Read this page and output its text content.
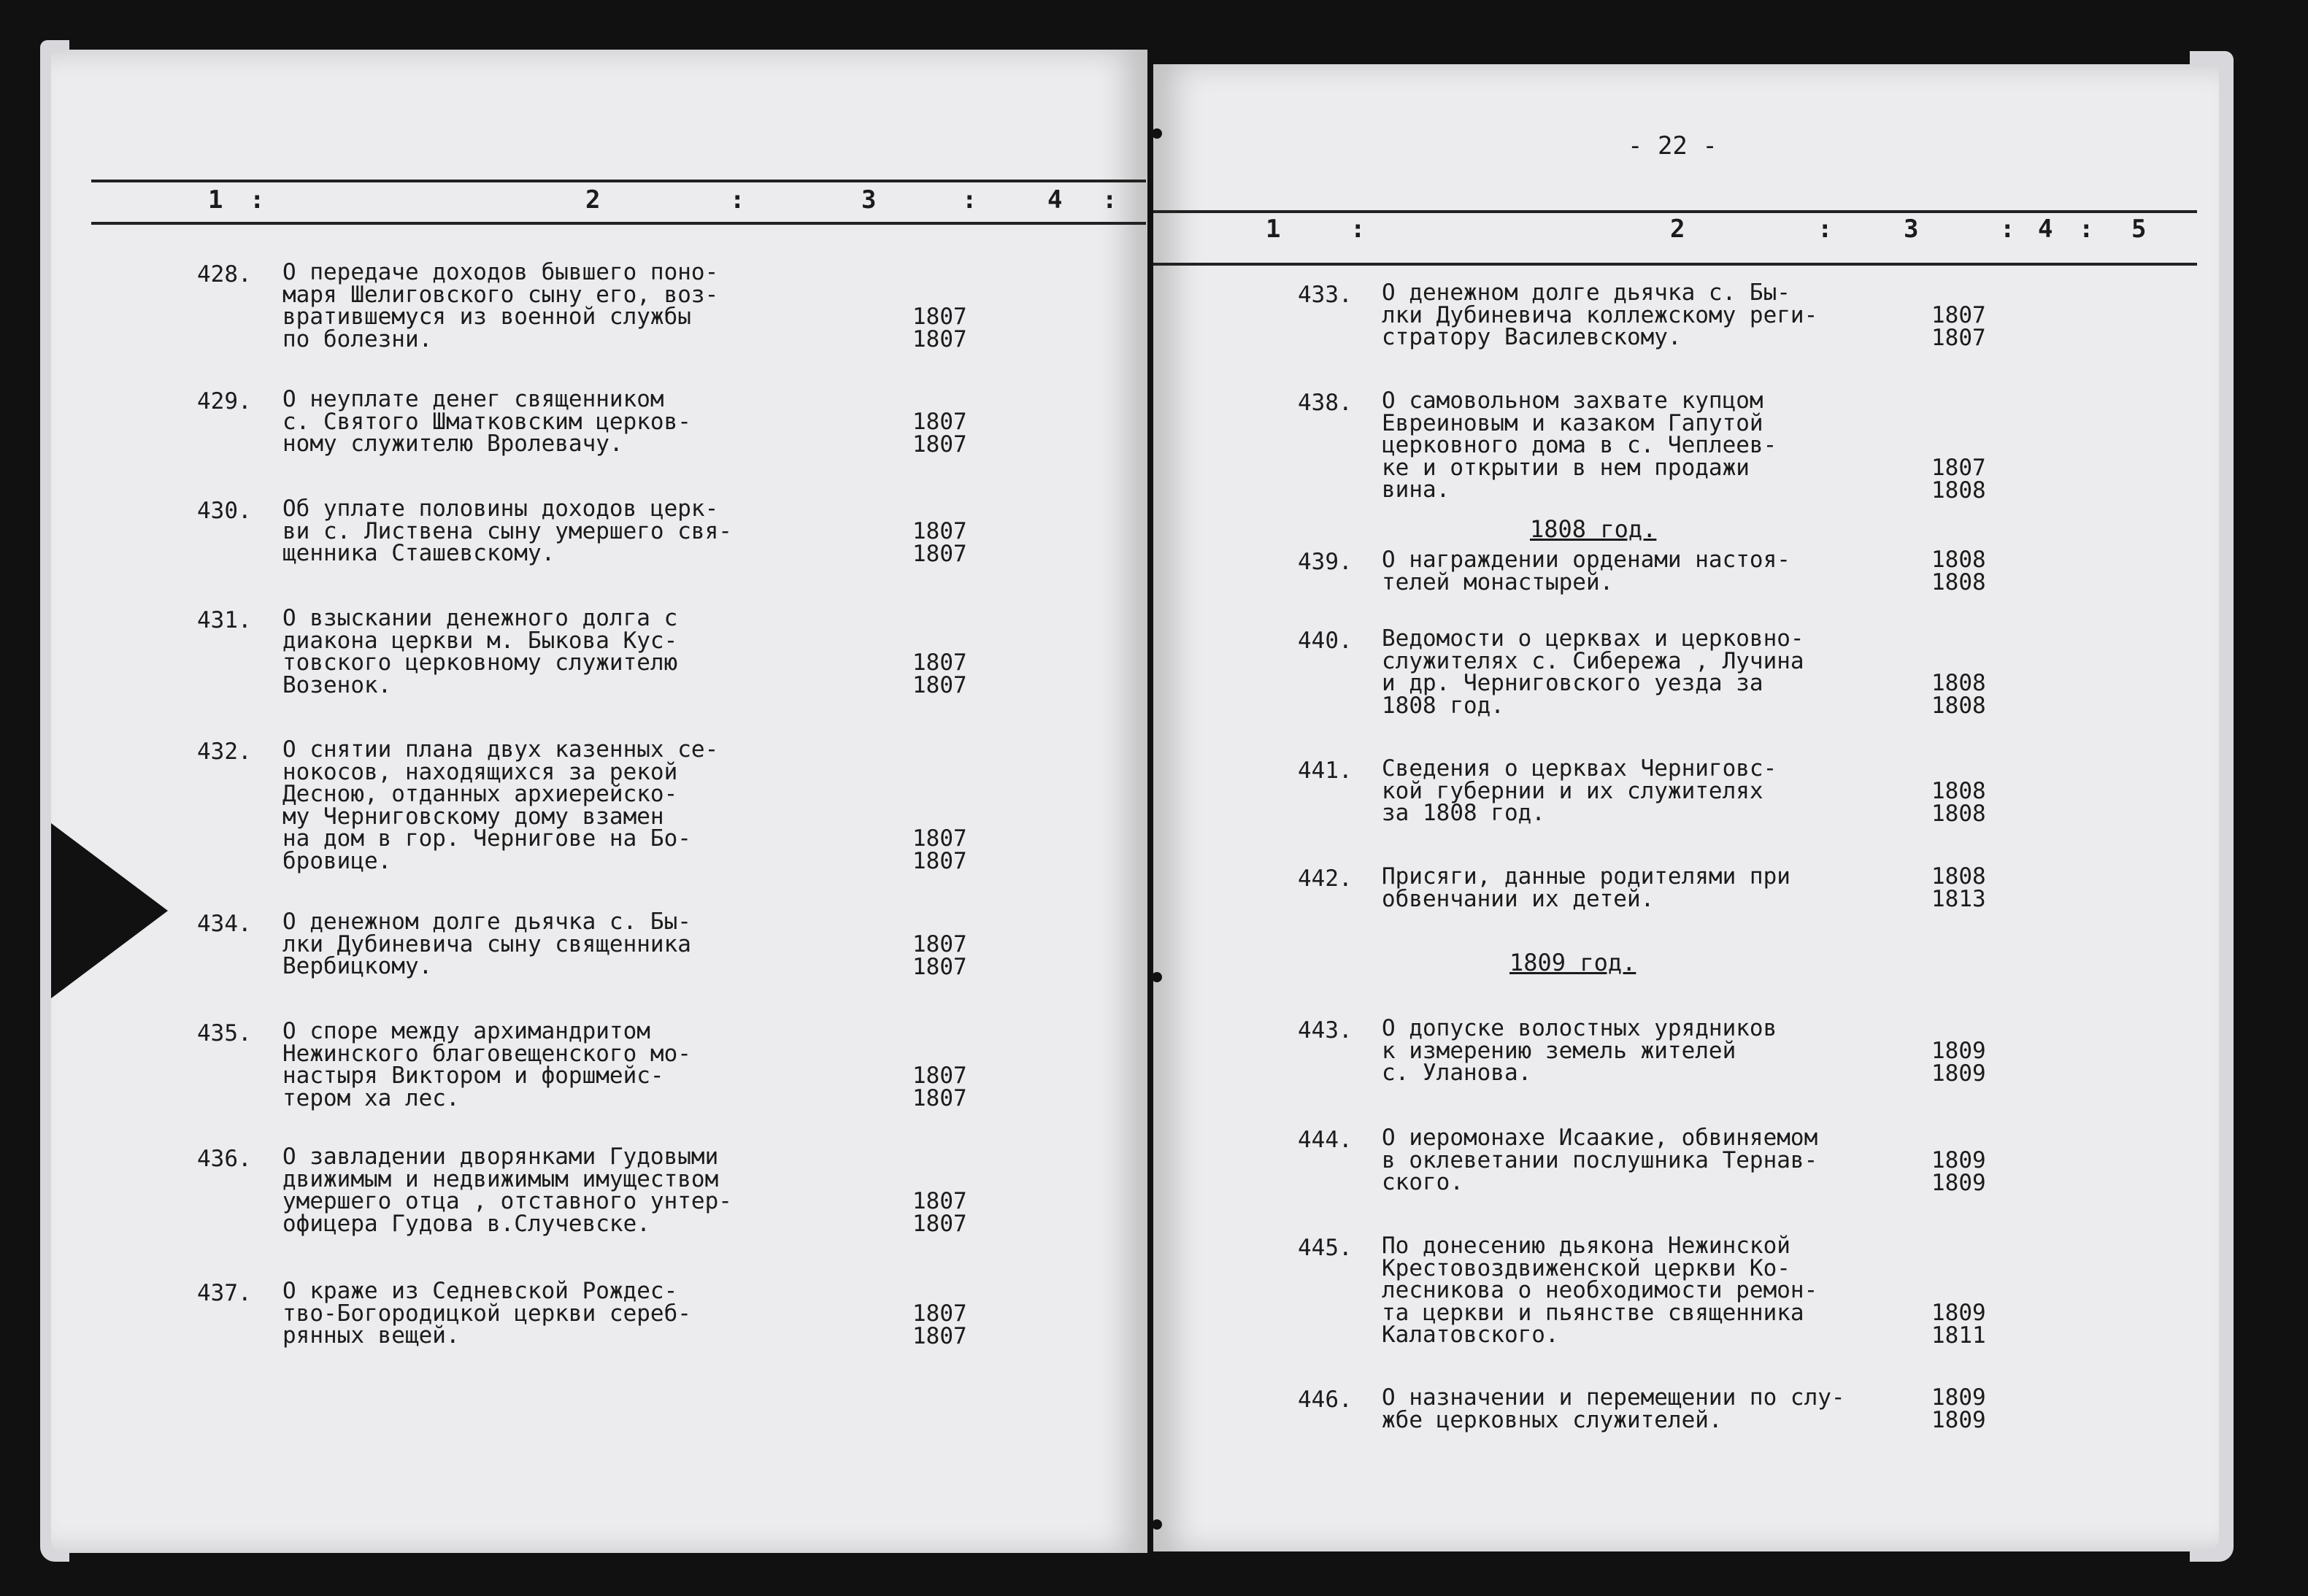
1 :	2	:	3	:	4 :
428. О передаче доходов бывшего поно-
маря Шелиговского сыну его, воз-
вратившемуся из военной службы
по болезни.
1807
1807
429. О неуплате денег священником
с. Святого Шматковским церков-
ному служителю Вролевачу.
1807
1807
430. Об уплате половины доходов церк-
ви с. Листвена сыну умершего свя-
щенника Сташевскому.
1807
1807
431. О взыскании денежного долга с
диакона церкви м. Быкова Кус-
товского церковному служителю
Возенок.
1807
1807
432. О снятии плана двух казенных се-
нокосов, находящихся за рекой
Десною, отданных архиерейско-
му Черниговскому дому взамен
на дом в гор. Чернигове на Бо-
бровице.
1807
1807
434. О денежном долге дьячка с. Бы-
лки Дубиневича сыну священника
Вербицкому.
1807
1807
435. О споре между архимандритом
Нежинского благовещенского мо-
настыря Виктором и форшмейс-
тером ха лес.
1807
1807
436. О завладении дворянками Гудовыми
движимым и недвижимым имуществом
умершего отца , отставного унтер-
офицера Гудова в.Случевске.
1807
1807
437. О краже из Седневской Рождес-
тво-Богородицкой церкви сереб-
рянных вещей.
1807
1807
- 22 -
1	:	2	:	3	: 4 : 5
433. О денежном долге дьячка с. Бы-
лки Дубиневича коллежскому реги-
стратору Василевскому.
1807
1807
438. О самовольном захвате купцом
Евреиновым и казаком Гапутой
церковного дома в с. Чеплеев-
ке и открытии в нем продажи
вина.
1807
1808
1808 год.
439. О награждении орденами настоя-
телей монастырей.
1808
1808
440. Ведомости о церквах и церковно-
служителях с. Сибережа , Лучина
и др. Черниговского уезда за
1808 год.
1808
1808
441. Сведения о церквах Черниговс-
кой губернии и их служителях
за 1808 год.
1808
1808
442. Присяги, данные родителями при
обвенчании их детей.
1808
1813
1809 год.
443. О допуске волостных урядников
к измерению земель жителей
с. Уланова.
1809
1809
444. О иеромонахе Исаакие, обвиняемом
в оклеветании послушника Тернав-
ского.
1809
1809
445. По донесению дьякона Нежинской
Крестовоздвиженской церкви Ко-
лесникова о необходимости ремон-
та церкви и пьянстве священника
Калатовского.
1809
1811
446. О назначении и перемещении по слу-
жбе церковных служителей.
1809
1809
